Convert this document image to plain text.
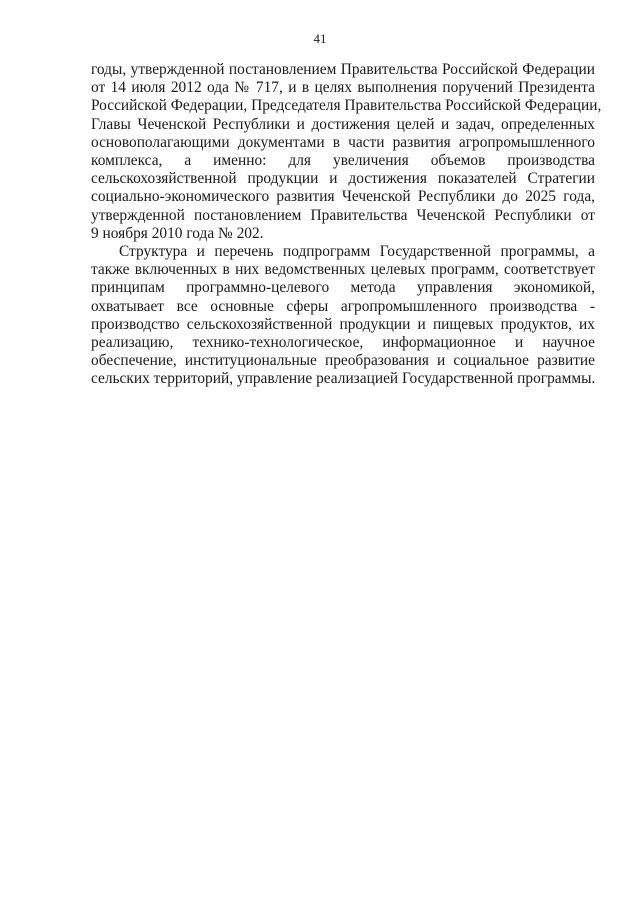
41

годы, утвержденной постановлением Правительства Российской Федерации
от 14 июля 2012 ода № 717, и в целях выполнения поручений Президента
Российской Федерации, Председателя Правительства Российской Федерации,
Главы Чеченской Республики и достижения целей и задач, определенных
основополагающими документами в части развития агропромышленного
комплекса, а именно: для увеличения объемов производства
сельскохозяйственной продукции и достижения показателей Стратегии
социально-экономического развития Чеченской Республики до 2025 года,
утвержденной постановлением Правительства Чеченской Республики от
9 ноября 2010 года № 202.

Структура и перечень подпрограмм Государственной программы, а
также включенных в них ведомственных целевых программ, соответствует
принципам программно-целевого метода управления экономикой,
охватывает все основные сферы агропромышленного производства -
производство сельскохозяйственной продукции и пищевых продуктов, их
реализацию, технико-технологическое, информационное и научное
обеспечение, институциональные преобразования и социальное развитие
сельских территорий, управление реализацией Государственной программы.
